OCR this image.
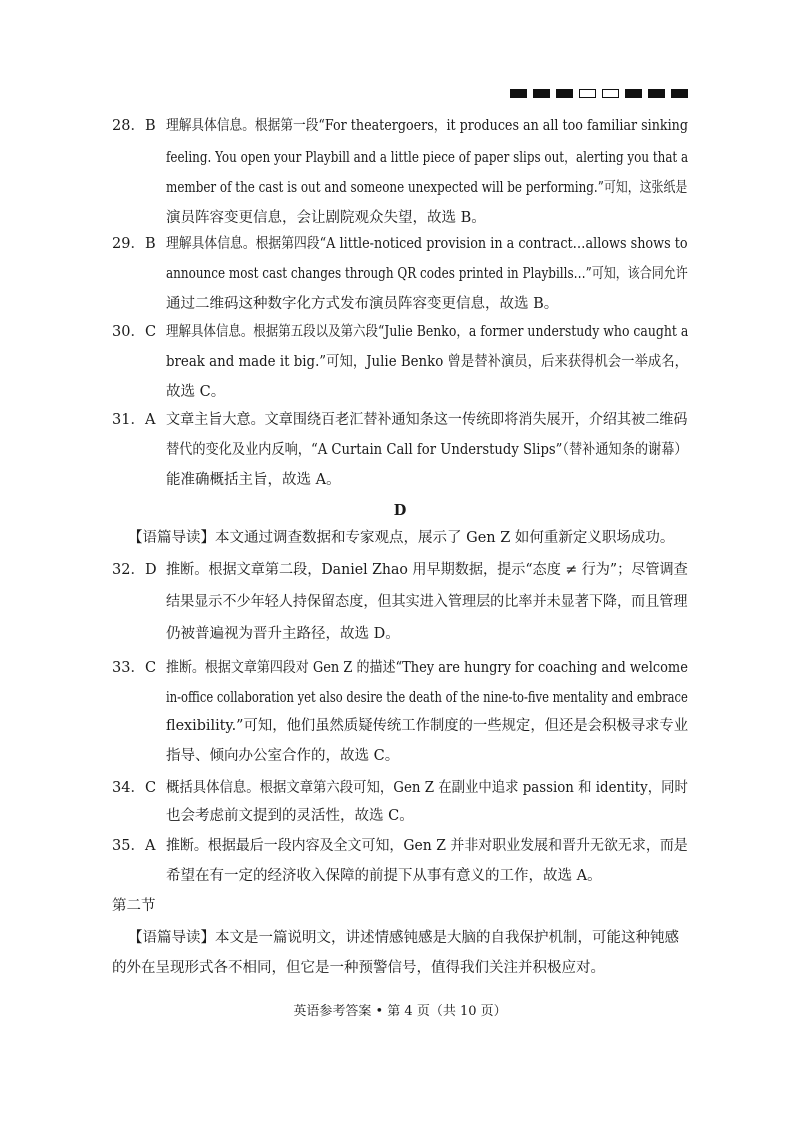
28．B 理解具体信息。根据第一段“For theatergoers，it produces an all too familiar sinking
feeling. You open your Playbill and a little piece of paper slips out，alerting you that a
member of the cast is out and someone unexpected will be performing.”可知，这张纸是
演员阵容变更信息，会让剧院观众失望，故选 B。
29．B 理解具体信息。根据第四段“A little-noticed provision in a contract…allows shows to
announce most cast changes through QR codes printed in Playbills…”可知，该合同允许
通过二维码这种数字化方式发布演员阵容变更信息，故选 B。
30．C 理解具体信息。根据第五段以及第六段“Julie Benko，a former understudy who caught a
break and made it big.”可知，Julie Benko 曾是替补演员，后来获得机会一举成名，
故选 C。
31．A 文章主旨大意。文章围绕百老汇替补通知条这一传统即将消失展开，介绍其被二维码
替代的变化及业内反响，“A Curtain Call for Understudy Slips”（替补通知条的谢幕）
能准确概括主旨，故选 A。
D
【语篇导读】本文通过调查数据和专家观点，展示了 Gen Z 如何重新定义职场成功。
32．D 推断。根据文章第二段，Daniel Zhao 用早期数据，提示“态度 ≠ 行为”；尽管调查
结果显示不少年轻人持保留态度，但其实进入管理层的比率并未显著下降，而且管理
仍被普遍视为晋升主路径，故选 D。
33．C 推断。根据文章第四段对 Gen Z 的描述“They are hungry for coaching and welcome
in-office collaboration yet also desire the death of the nine-to-five mentality and embrace
flexibility.”可知，他们虽然质疑传统工作制度的一些规定，但还是会积极寻求专业
指导、倾向办公室合作的，故选 C。
34．C 概括具体信息。根据文章第六段可知，Gen Z 在副业中追求 passion 和 identity，同时
也会考虑前文提到的灵活性，故选 C。
35．A 推断。根据最后一段内容及全文可知，Gen Z 并非对职业发展和晋升无欲无求，而是
希望在有一定的经济收入保障的前提下从事有意义的工作，故选 A。
第二节
【语篇导读】本文是一篇说明文，讲述情感钝感是大脑的自我保护机制，可能这种钝感
的外在呈现形式各不相同，但它是一种预警信号，值得我们关注并积极应对。
英语参考答案 • 第 4 页（共 10 页）
